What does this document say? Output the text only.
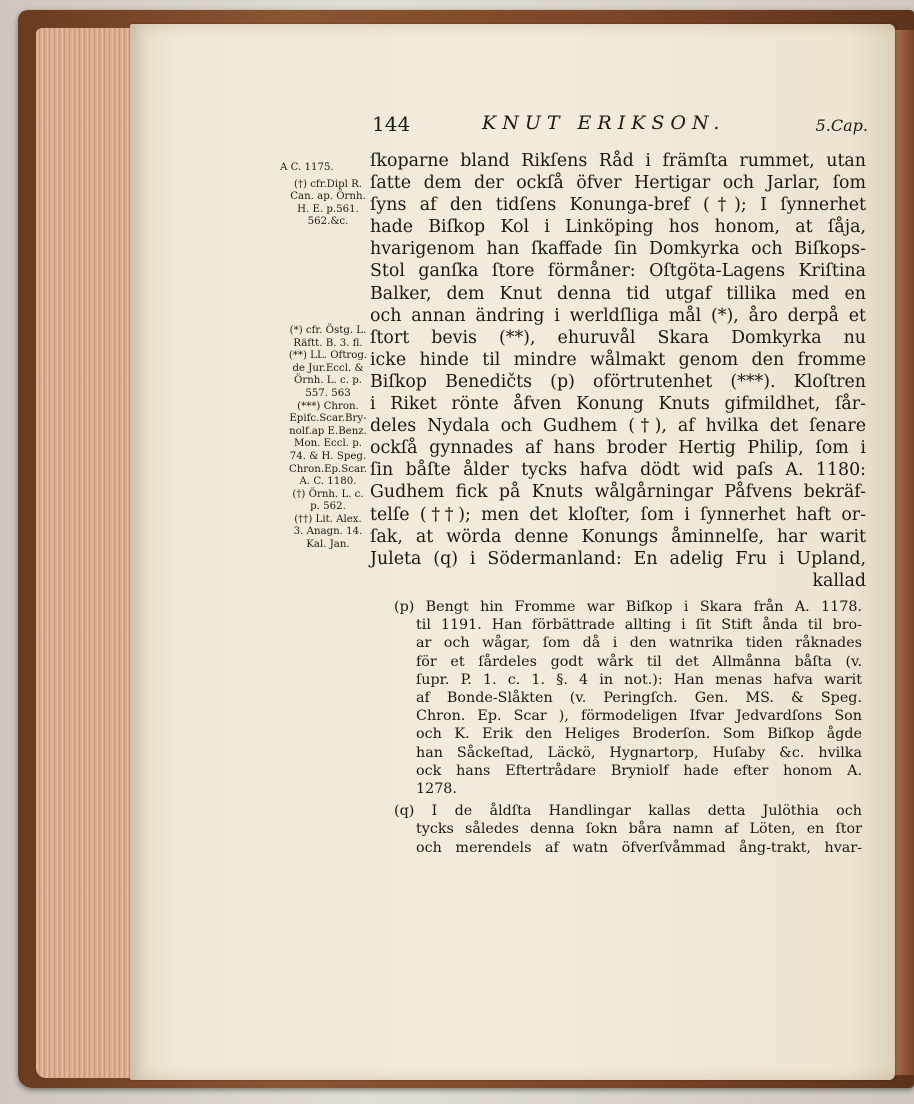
144	KNUT ERIKSON.	5.Cap.
A C. 1175.
(†) cfr.Dipl R.
Can. ap. Örnh.
H. E. p.561.
562.&c.
(*) cfr. Östg. L.
Räftt. B. 3. fl.
(**) LL. Oftrog.
de Jur.Eccl. &
Örnh. L. c. p.
557. 563
(***) Chron.
Epifc.Scar.Bry-
nolf.ap E.Benz.
Mon. Eccl. p.
74. & H. Speg.
Chron.Ep.Scar.
A. C. 1180.
(†) Örnh. L. c.
p. 562.
(††) Lit. Alex.
3. Anagn. 14.
Kal. Jan.
ſkoparne bland Rikſens Råd i främſta rummet, utan
ſatte dem der ockſå öfver Hertigar och Jarlar, ſom
ſyns af den tidſens Konunga-bref (†); I ſynnerhet
hade Biſkop Kol i Linköping hos honom, at ſåja,
hvarigenom han ſkaffade ſin Domkyrka och Biſkops-
Stol ganſka ſtore förmåner: Oſtgöta-Lagens Kriſtina
Balker, dem Knut denna tid utgaf tillika med en
och annan ändring i werldſliga mål (*), åro derpå et
ſtort bevis (**), ehuruvål Skara Domkyrka nu
icke hinde til mindre wålmakt genom den fromme
Biſkop Benedičts (p) oförtrutenhet (***). Kloſtren
i Riket rönte åfven Konung Knuts gifmildhet, ſår-
deles Nydala och Gudhem (†), af hvilka det ſenare
ockſå gynnades af hans broder Hertig Philip, ſom i
ſin båſte ålder tycks hafva dödt wid paſs A. 1180:
Gudhem fick på Knuts wålgårningar Påfvens bekräf-
telſe (††); men det kloſter, ſom i ſynnerhet haft or-
ſak, at wörda denne Konungs åminnelſe, har warit
Juleta (q) i Södermanland: En adelig Fru i Upland,
kallad
(p) Bengt hin Fromme war Biſkop i Skara från A. 1178.
til 1191. Han förbättrade allting i ſit Stift ånda til bro-
ar och wågar, ſom då i den watnrika tiden råknades
för et ſårdeles godt wårk til det Allmånna båſta (v.
ſupr. P. 1. c. 1. §. 4 in not.): Han menas hafva warit
af Bonde-Slåkten (v. Peringſch. Gen. MS. & Speg.
Chron. Ep. Scar ), förmodeligen Ifvar Jedvardſons Son
och K. Erik den Heliges Broderſon. Som Biſkop ågde
han Såckeſtad, Läckö, Hygnartorp, Huſaby &c. hvilka
ock hans Eftertrådare Bryniolf hade efter honom A.
1278.
(q) I de åldſta Handlingar kallas detta Julöthia och
tycks således denna ſokn båra namn af Löten, en ſtor
och merendels af watn öfverſvåmmad ång-trakt, hvar-
